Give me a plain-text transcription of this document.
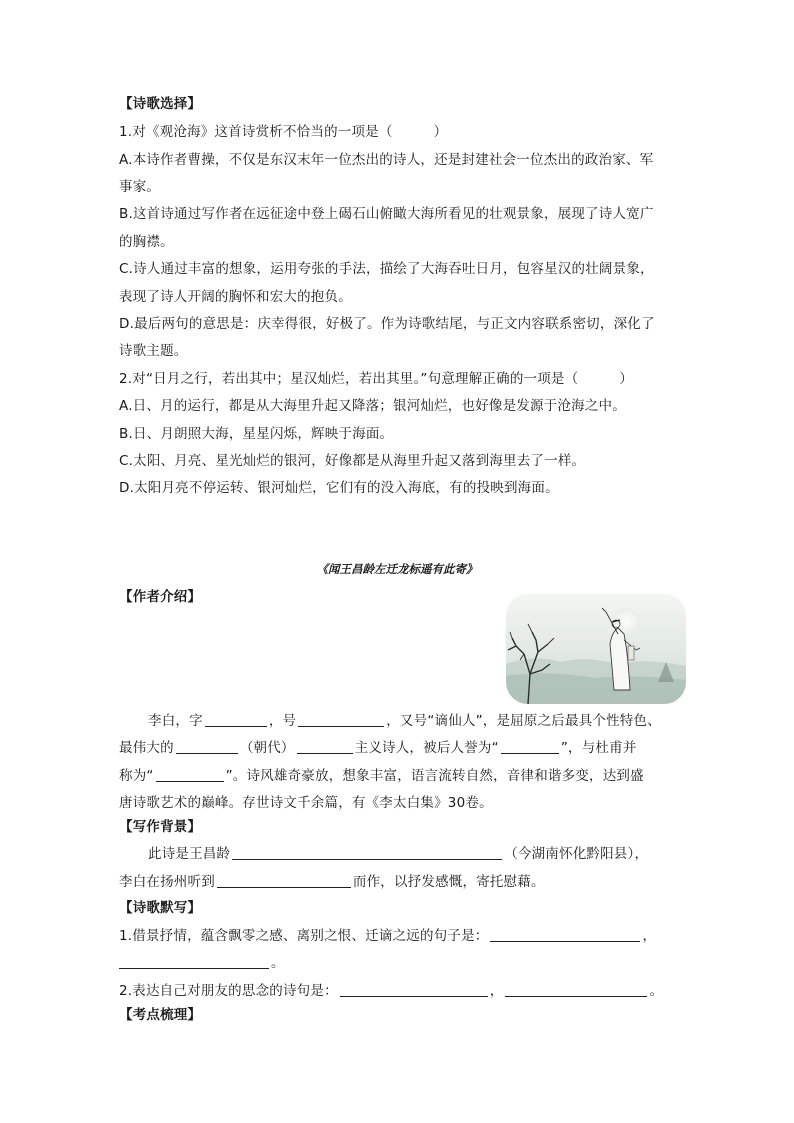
【诗歌选择】
1.对《观沧海》这首诗赏析不恰当的一项是（　　　）
A.本诗作者曹操，不仅是东汉末年一位杰出的诗人，还是封建社会一位杰出的政治家、军
事家。
B.这首诗通过写作者在远征途中登上碣石山俯瞰大海所看见的壮观景象，展现了诗人宽广
的胸襟。
C.诗人通过丰富的想象，运用夸张的手法，描绘了大海吞吐日月，包容星汉的壮阔景象，
表现了诗人开阔的胸怀和宏大的抱负。
D.最后两句的意思是：庆幸得很，好极了。作为诗歌结尾，与正文内容联系密切，深化了
诗歌主题。
2.对“日月之行，若出其中；星汉灿烂，若出其里。”句意理解正确的一项是（　　　）
A.日、月的运行，都是从大海里升起又降落；银河灿烂，也好像是发源于沧海之中。
B.日、月朗照大海，星星闪烁，辉映于海面。
C.太阳、月亮、星光灿烂的银河，好像都是从海里升起又落到海里去了一样。
D.太阳月亮不停运转、银河灿烂，它们有的没入海底，有的投映到海面。
《闻王昌龄左迁龙标遥有此寄》
【作者介绍】
李白，字	，号	，又号“谪仙人”，是屈原之后最具个性特色、
最伟大的	（朝代）	主义诗人，被后人誉为“	”，与杜甫并
称为“	”。诗风雄奇豪放，想象丰富，语言流转自然，音律和谐多变，达到盛
唐诗歌艺术的巅峰。存世诗文千余篇，有《李太白集》30卷。
【写作背景】
此诗是王昌龄	（今湖南怀化黔阳县），
李白在扬州听到	而作，以抒发感慨，寄托慰藉。
【诗歌默写】
1.借景抒情，蕴含飘零之感、离别之恨、迁谪之远的句子是：	，
。
2.表达自己对朋友的思念的诗句是：	，	。
【考点梳理】
